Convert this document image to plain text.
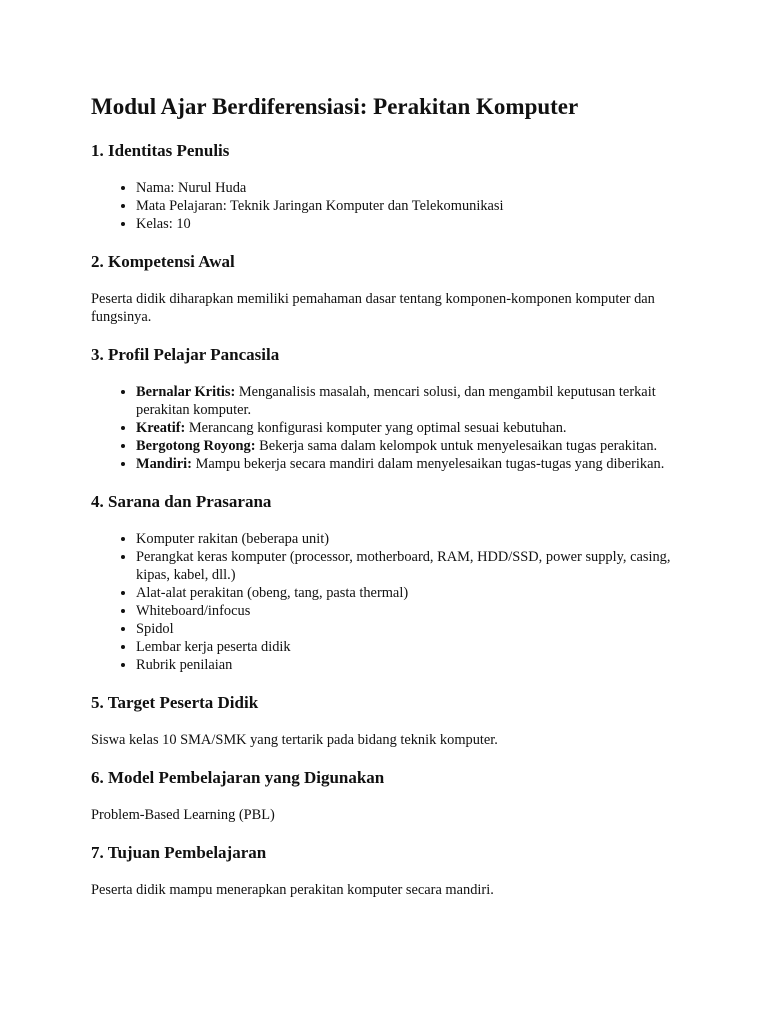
Modul Ajar Berdiferensiasi: Perakitan Komputer
1. Identitas Penulis
• Nama: Nurul Huda
• Mata Pelajaran: Teknik Jaringan Komputer dan Telekomunikasi
• Kelas: 10
2. Kompetensi Awal

Peserta didik diharapkan memiliki pemahaman dasar tentang komponen-komponen komputer dan fungsinya.

3. Profil Pelajar Pancasila
• Bernalar Kritis: Menganalisis masalah, mencari solusi, dan mengambil keputusan terkait perakitan komputer.
• Kreatif: Merancang konfigurasi komputer yang optimal sesuai kebutuhan.
• Bergotong Royong: Bekerja sama dalam kelompok untuk menyelesaikan tugas perakitan.
• Mandiri: Mampu bekerja secara mandiri dalam menyelesaikan tugas-tugas yang diberikan.
4. Sarana dan Prasarana
• Komputer rakitan (beberapa unit)
• Perangkat keras komputer (processor, motherboard, RAM, HDD/SSD, power supply, casing, kipas, kabel, dll.)
• Alat-alat perakitan (obeng, tang, pasta thermal)
• Whiteboard/infocus
• Spidol
• Lembar kerja peserta didik
• Rubrik penilaian
5. Target Peserta Didik

Siswa kelas 10 SMA/SMK yang tertarik pada bidang teknik komputer.

6. Model Pembelajaran yang Digunakan

Problem-Based Learning (PBL)

7. Tujuan Pembelajaran

Peserta didik mampu menerapkan perakitan komputer secara mandiri.
